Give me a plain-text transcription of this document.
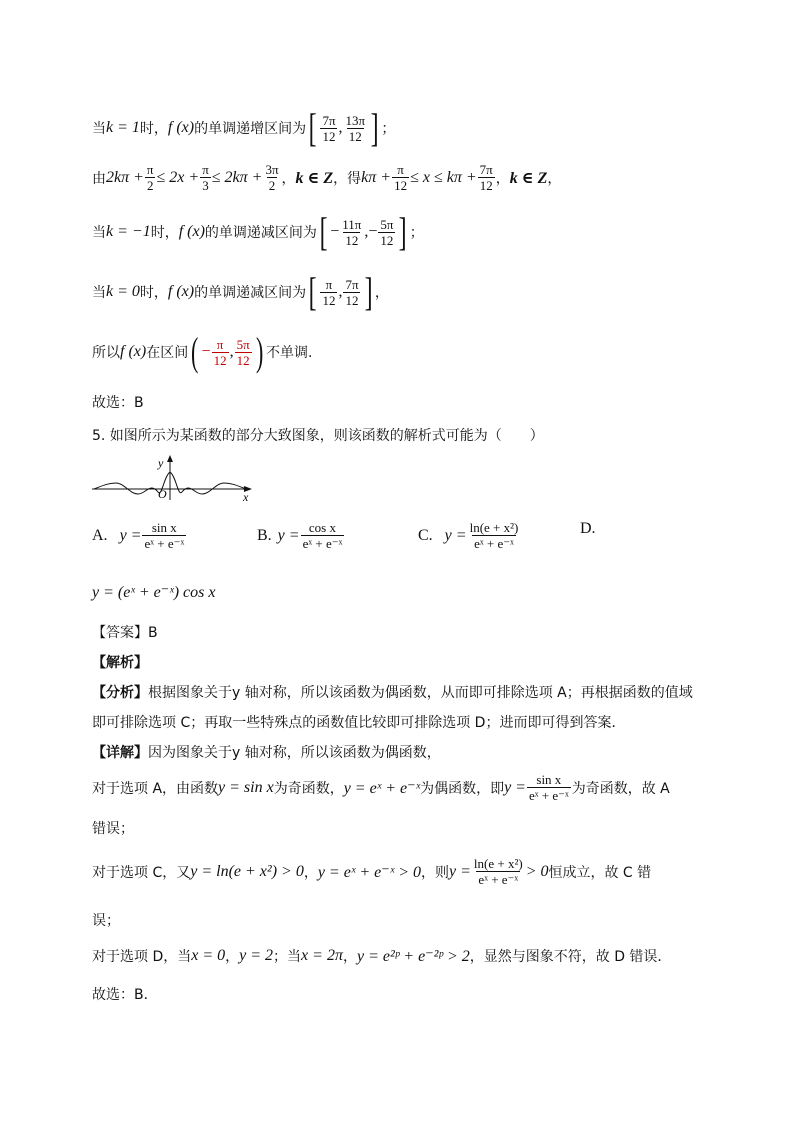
当 k = 1 时， f (x) 的单调递增区间为 [ $\frac{7\pi}{12}$ , $\frac{13\pi}{12}$ ] ；
由 $2k\pi + \frac{\pi}{2} \le 2x + \frac{\pi}{3} \le 2k\pi + \frac{3\pi}{2}$ ， k ∈ Z ，得 $k\pi + \frac{\pi}{12} \le x \le k\pi + \frac{7\pi}{12}$ ， k ∈ Z ，
当 k = −1 时， f (x) 的单调递减区间为 [ − $\frac{11\pi}{12}$ ,− $\frac{5\pi}{12}$ ] ；
当 k = 0 时， f (x) 的单调递减区间为 [ $\frac{\pi}{12}$ , $\frac{7\pi}{12}$ ] ，
所以 f (x) 在区间 ( − $\frac{\pi}{12}$ , $\frac{5\pi}{12}$ ) 不单调.
故选：B
5. 如图所示为某函数的部分大致图象，则该函数的解析式可能为（　　）
y
O	x
A. $y = \frac{\text{sin x}}{\text{eˣ + e⁻ˣ}}$	B. $y = \frac{\text{cos x}}{\text{eˣ + e⁻ˣ}}$	C. $y = \frac{\text{ln(e + x²)}}{\text{eˣ + e⁻ˣ}}$	D.
y = (eˣ + e⁻ˣ) cos x
【答案】B
【解析】
【分析】 根据图象关于y 轴对称，所以该函数为偶函数，从而即可排除选项 A；再根据函数的值域
即可排除选项 C；再取一些特殊点的函数值比较即可排除选项 D；进而即可得到答案．
【详解】 因为图象关于y 轴对称，所以该函数为偶函数，
对于选项 A，由函数 y = sin x 为奇函数， y = eˣ + e⁻ˣ 为偶函数，即 $y = \frac{\text{sin x}}{\text{eˣ + e⁻ˣ}}$ 为奇函数，故 A
错误；
对于选项 C，又 y = ln(e + x²) > 0 ， y = eˣ + e⁻ˣ > 0 ，则 $y = \frac{\text{ln(e + x²)}}{\text{eˣ + e⁻ˣ}} > 0$ 恒成立，故 C 错
误；
对于选项 D，当 x = 0 ， y = 2 ；当 x = 2π ， y = e²ᵖ + e⁻²ᵖ > 2 ，显然与图象不符，故 D 错误．
故选：B．
